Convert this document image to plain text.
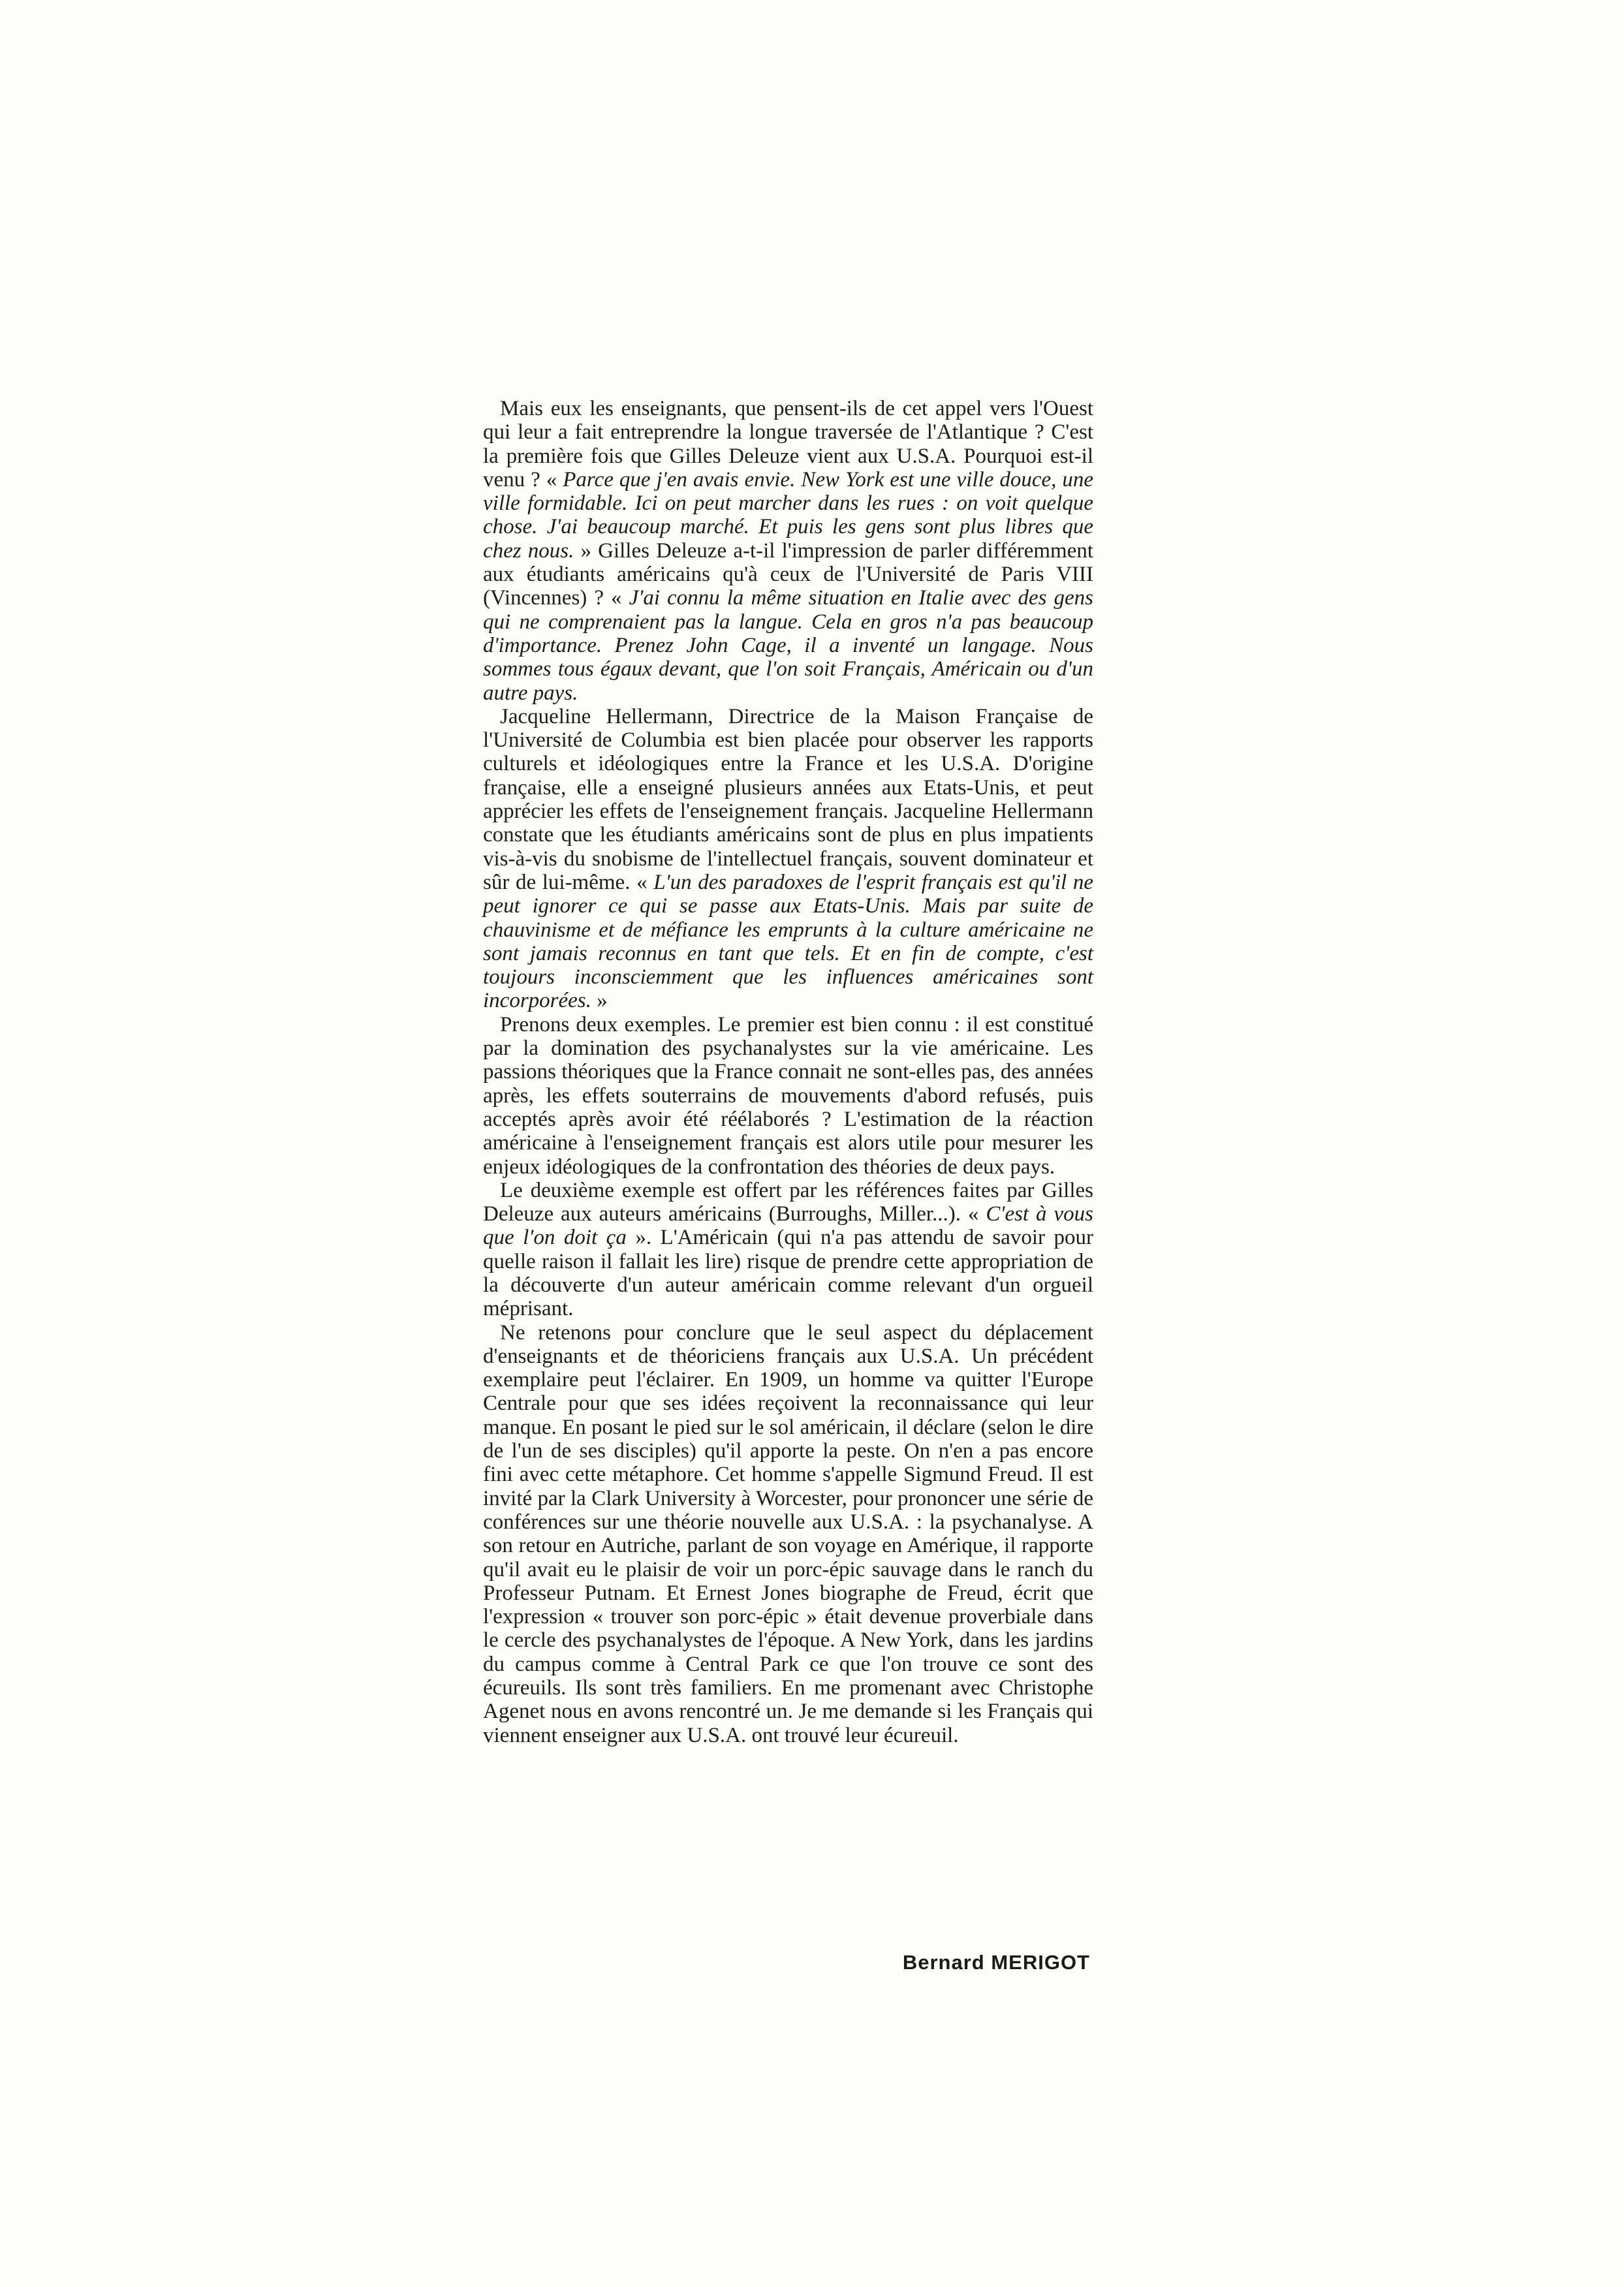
Mais eux les enseignants, que pensent-ils de cet appel vers l'Ouest qui leur a fait entreprendre la longue traversée de l'Atlantique ? C'est la première fois que Gilles Deleuze vient aux U.S.A. Pourquoi est-il venu ? « Parce que j'en avais envie. New York est une ville douce, une ville formidable. Ici on peut marcher dans les rues : on voit quelque chose. J'ai beaucoup marché. Et puis les gens sont plus libres que chez nous. » Gilles Deleuze a-t-il l'impression de parler différemment aux étudiants américains qu'à ceux de l'Université de Paris VIII (Vincennes) ? « J'ai connu la même situation en Italie avec des gens qui ne comprenaient pas la langue. Cela en gros n'a pas beaucoup d'importance. Prenez John Cage, il a inventé un langage. Nous sommes tous égaux devant, que l'on soit Français, Américain ou d'un autre pays.

Jacqueline Hellermann, Directrice de la Maison Française de l'Université de Columbia est bien placée pour observer les rapports culturels et idéologiques entre la France et les U.S.A. D'origine française, elle a enseigné plusieurs années aux Etats-Unis, et peut apprécier les effets de l'enseignement français. Jacqueline Hellermann constate que les étudiants américains sont de plus en plus impatients vis-à-vis du snobisme de l'intellectuel français, souvent dominateur et sûr de lui-même. « L'un des paradoxes de l'esprit français est qu'il ne peut ignorer ce qui se passe aux Etats-Unis. Mais par suite de chauvinisme et de méfiance les emprunts à la culture américaine ne sont jamais reconnus en tant que tels. Et en fin de compte, c'est toujours inconsciemment que les influences américaines sont incorporées. »

Prenons deux exemples. Le premier est bien connu : il est constitué par la domination des psychanalystes sur la vie américaine. Les passions théoriques que la France connait ne sont-elles pas, des années après, les effets souterrains de mouvements d'abord refusés, puis acceptés après avoir été réélaborés ? L'estimation de la réaction américaine à l'enseignement français est alors utile pour mesurer les enjeux idéologiques de la confrontation des théories de deux pays.

Le deuxième exemple est offert par les références faites par Gilles Deleuze aux auteurs américains (Burroughs, Miller...). « C'est à vous que l'on doit ça ». L'Américain (qui n'a pas attendu de savoir pour quelle raison il fallait les lire) risque de prendre cette appropriation de la découverte d'un auteur américain comme relevant d'un orgueil méprisant.

Ne retenons pour conclure que le seul aspect du déplacement d'enseignants et de théoriciens français aux U.S.A. Un précédent exemplaire peut l'éclairer. En 1909, un homme va quitter l'Europe Centrale pour que ses idées reçoivent la reconnaissance qui leur manque. En posant le pied sur le sol américain, il déclare (selon le dire de l'un de ses disciples) qu'il apporte la peste. On n'en a pas encore fini avec cette métaphore. Cet homme s'appelle Sigmund Freud. Il est invité par la Clark University à Worcester, pour prononcer une série de conférences sur une théorie nouvelle aux U.S.A. : la psychanalyse. A son retour en Autriche, parlant de son voyage en Amérique, il rapporte qu'il avait eu le plaisir de voir un porc-épic sauvage dans le ranch du Professeur Putnam. Et Ernest Jones biographe de Freud, écrit que l'expression « trouver son porc-épic » était devenue proverbiale dans le cercle des psychanalystes de l'époque. A New York, dans les jardins du campus comme à Central Park ce que l'on trouve ce sont des écureuils. Ils sont très familiers. En me promenant avec Christophe Agenet nous en avons rencontré un. Je me demande si les Français qui viennent enseigner aux U.S.A. ont trouvé leur écureuil.

Bernard MERIGOT
